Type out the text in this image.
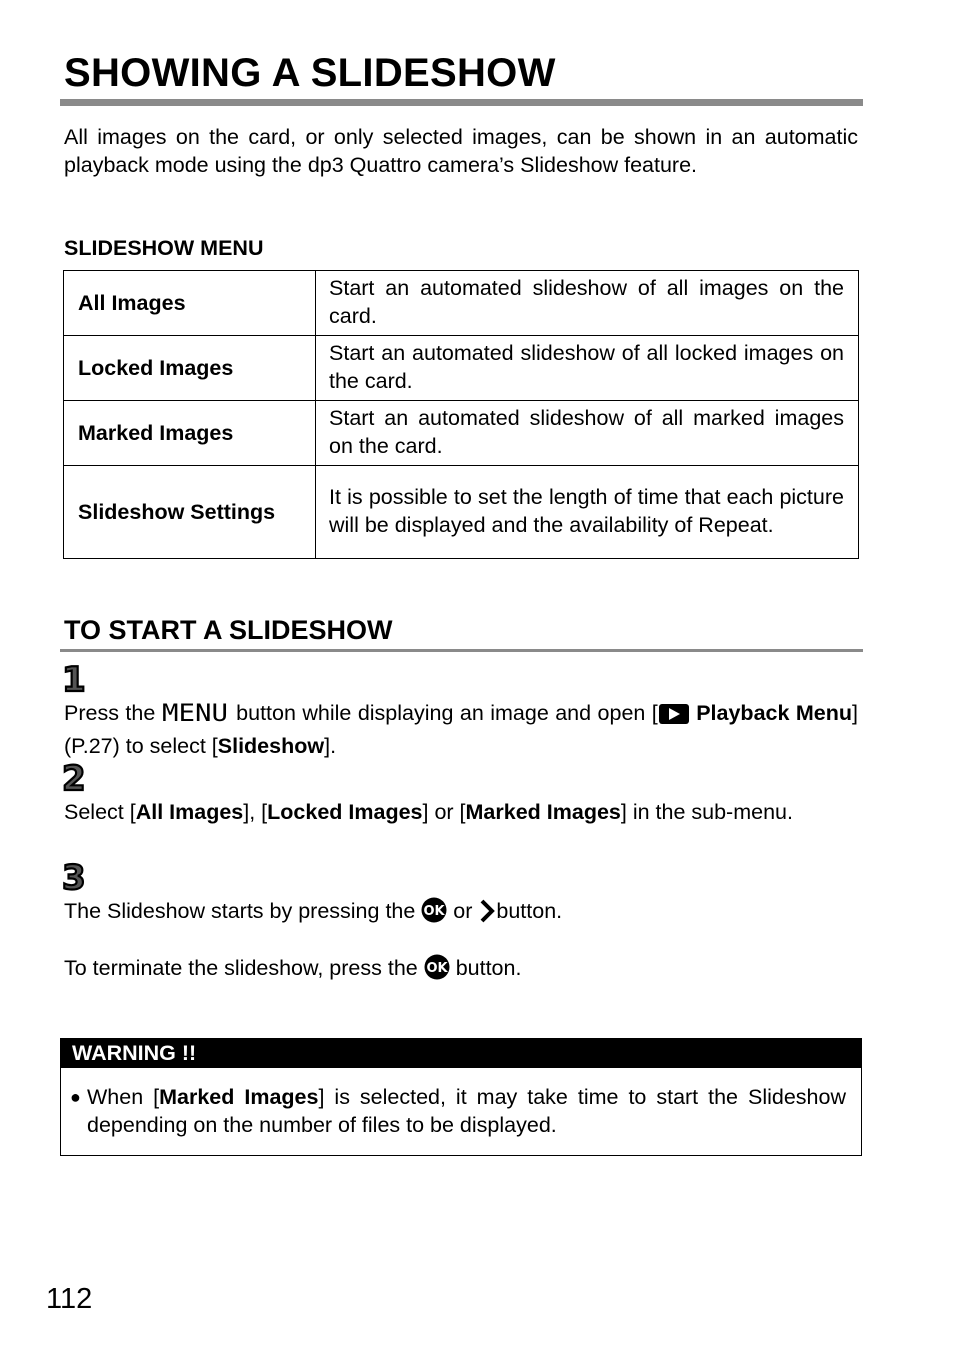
SHOWING A SLIDESHOW
All images on the card, or only selected images, can be shown in an automatic playback mode using the dp3 Quattro camera’s Slideshow feature.
SLIDESHOW MENU
All Images	Start an automated slideshow of all images on the card.
Locked Images	Start an automated slideshow of all locked images on the card.
Marked Images	Start an automated slideshow of all marked images on the card.
Slideshow Settings	It is possible to set the length of time that each picture will be displayed and the availability of Repeat.
TO START A SLIDESHOW
1
Press the MENU button while displaying an image and open [ Playback Menu] (P.27) to select [Slideshow].
2
Select [All Images], [Locked Images] or [Marked Images] in the sub-menu.
3
The Slideshow starts by pressing the OK or button.
To terminate the slideshow, press the OK button.
WARNING !!
● When [Marked Images] is selected, it may take time to start the Slideshow depending on the number of files to be displayed.
112
